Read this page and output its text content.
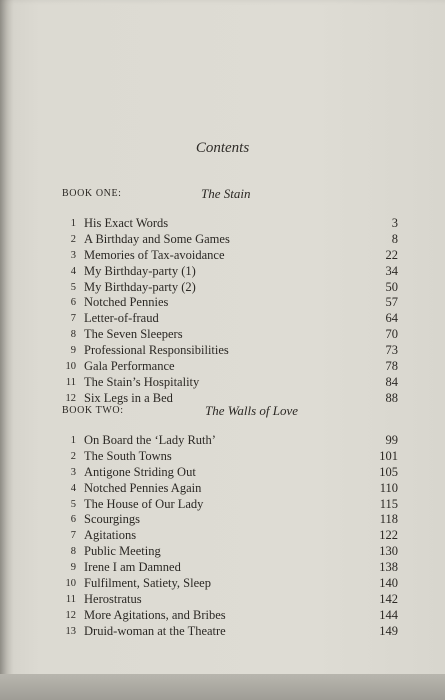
Contents
BOOK ONE:	The Stain
1 His Exact Words	3
2 A Birthday and Some Games	8
3 Memories of Tax-avoidance	22
4 My Birthday-party (1)	34
5 My Birthday-party (2)	50
6 Notched Pennies	57
7 Letter-of-fraud	64
8 The Seven Sleepers	70
9 Professional Responsibilities	73
10 Gala Performance	78
11 The Stain’s Hospitality	84
12 Six Legs in a Bed	88
BOOK TWO:	The Walls of Love
1 On Board the ‘Lady Ruth’	99
2 The South Towns	101
3 Antigone Striding Out	105
4 Notched Pennies Again	110
5 The House of Our Lady	115
6 Scourgings	118
7 Agitations	122
8 Public Meeting	130
9 Irene I am Damned	138
10 Fulfilment, Satiety, Sleep	140
11 Herostratus	142
12 More Agitations, and Bribes	144
13 Druid-woman at the Theatre	149
